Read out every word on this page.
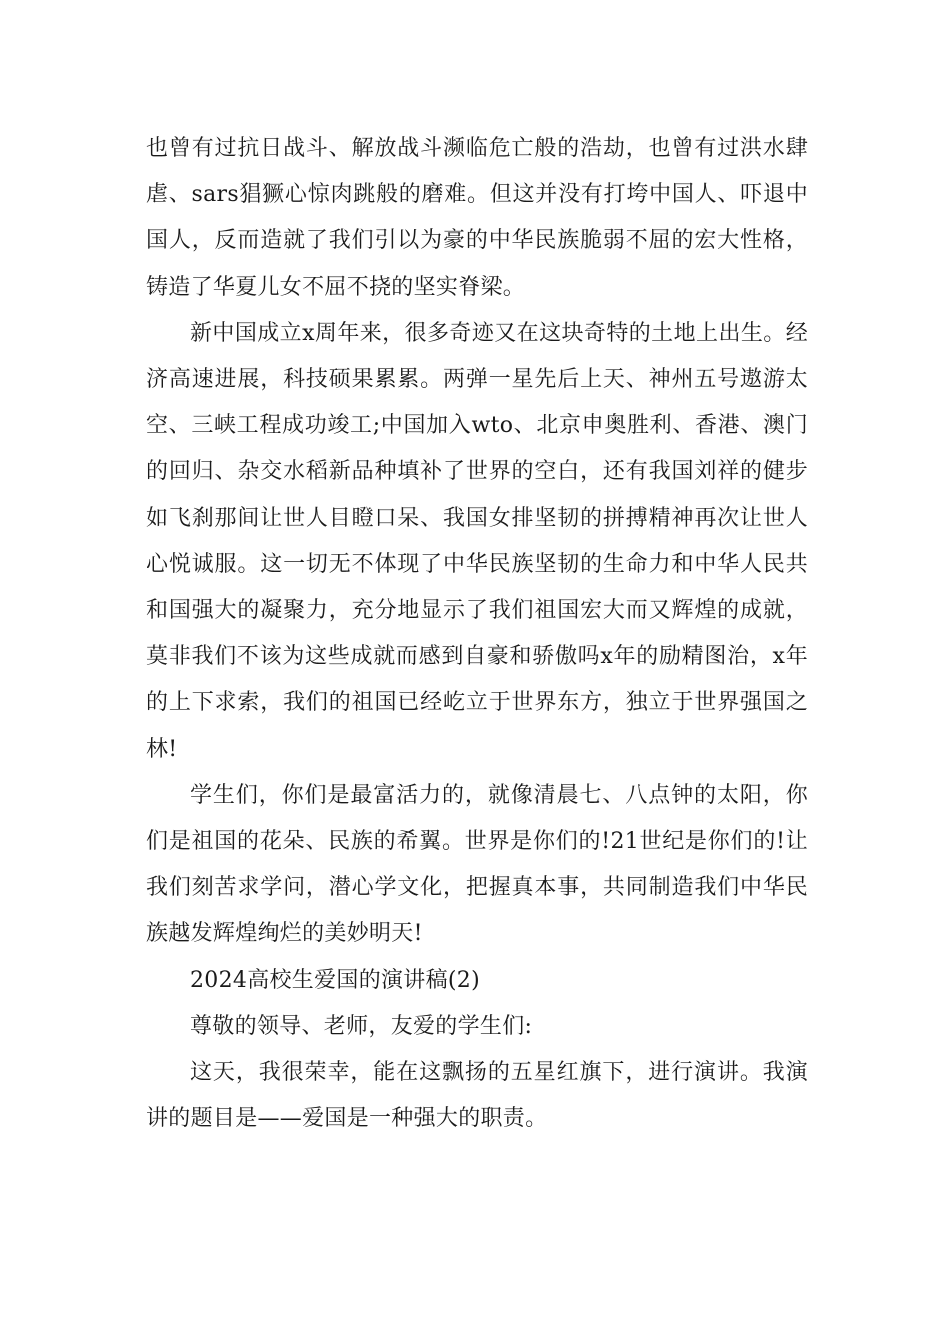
也曾有过抗日战斗、解放战斗濒临危亡般的浩劫，也曾有过洪水肆虐、sars猖獗心惊肉跳般的磨难。但这并没有打垮中国人、吓退中国人，反而造就了我们引以为豪的中华民族脆弱不屈的宏大性格，铸造了华夏儿女不屈不挠的坚实脊梁。

新中国成立x周年来，很多奇迹又在这块奇特的土地上出生。经济高速进展，科技硕果累累。两弹一星先后上天、神州五号遨游太空、三峡工程成功竣工;中国加入wto、北京申奥胜利、香港、澳门的回归、杂交水稻新品种填补了世界的空白，还有我国刘祥的健步如飞刹那间让世人目瞪口呆、我国女排坚韧的拼搏精神再次让世人心悦诚服。这一切无不体现了中华民族坚韧的生命力和中华人民共和国强大的凝聚力，充分地显示了我们祖国宏大而又辉煌的成就，莫非我们不该为这些成就而感到自豪和骄傲吗x年的励精图治，x年的上下求索，我们的祖国已经屹立于世界东方，独立于世界强国之林!

学生们，你们是最富活力的，就像清晨七、八点钟的太阳，你们是祖国的花朵、民族的希翼。世界是你们的!21世纪是你们的!让我们刻苦求学问，潜心学文化，把握真本事，共同制造我们中华民族越发辉煌绚烂的美妙明天!

2024高校生爱国的演讲稿(2)

尊敬的领导、老师，友爱的学生们:

这天，我很荣幸，能在这飘扬的五星红旗下，进行演讲。我演讲的题目是——爱国是一种强大的职责。
